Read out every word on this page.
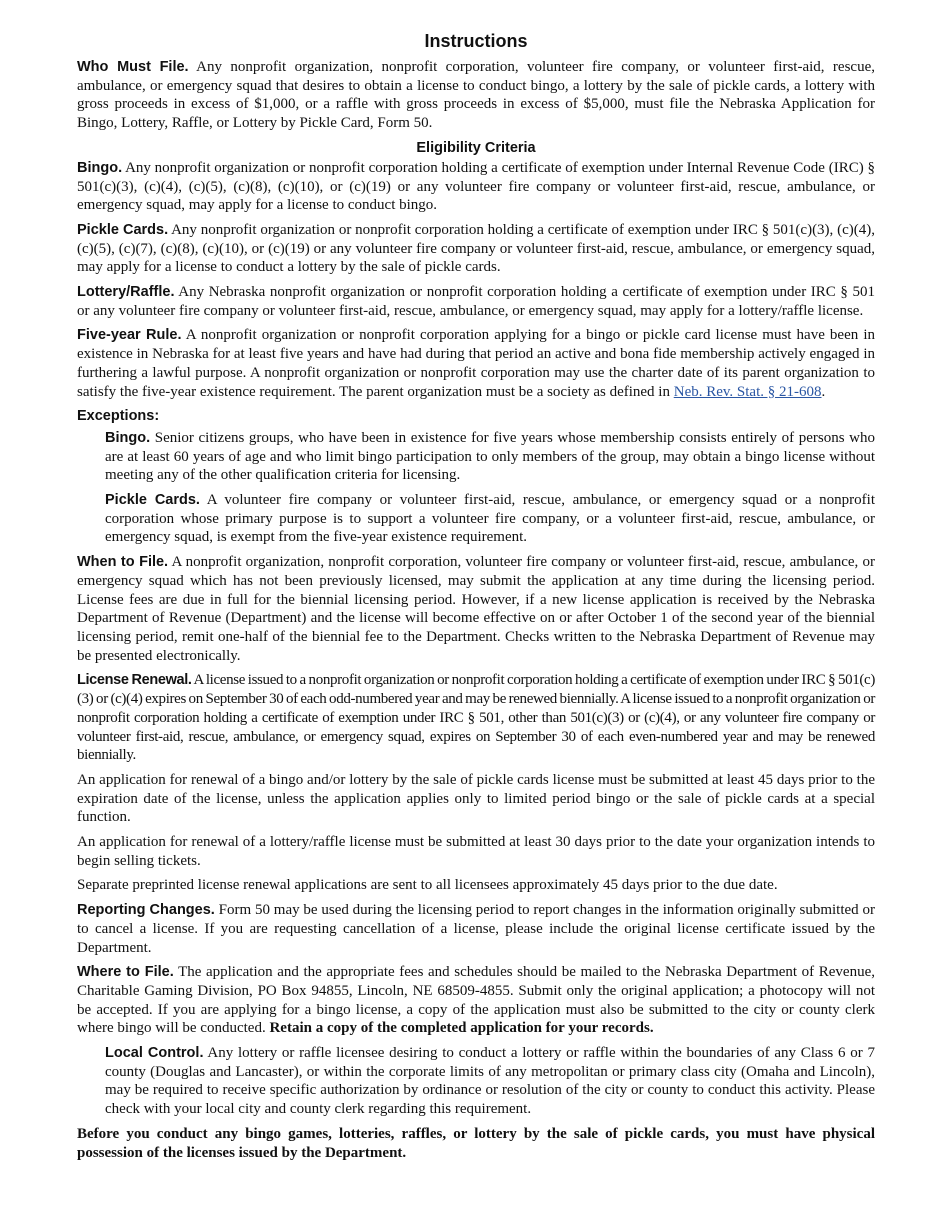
Instructions

Who Must File. Any nonprofit organization, nonprofit corporation, volunteer fire company, or volunteer first-aid, rescue, ambulance, or emergency squad that desires to obtain a license to conduct bingo, a lottery by the sale of pickle cards, a lottery with gross proceeds in excess of $1,000, or a raffle with gross proceeds in excess of $5,000, must file the Nebraska Application for Bingo, Lottery, Raffle, or Lottery by Pickle Card, Form 50.

Eligibility Criteria

Bingo. Any nonprofit organization or nonprofit corporation holding a certificate of exemption under Internal Revenue Code (IRC) § 501(c)(3), (c)(4), (c)(5), (c)(8), (c)(10), or (c)(19) or any volunteer fire company or volunteer first-aid, rescue, ambulance, or emergency squad, may apply for a license to conduct bingo.

Pickle Cards. Any nonprofit organization or nonprofit corporation holding a certificate of exemption under IRC § 501(c)(3), (c)(4), (c)(5), (c)(7), (c)(8), (c)(10), or (c)(19) or any volunteer fire company or volunteer first-aid, rescue, ambulance, or emergency squad, may apply for a license to conduct a lottery by the sale of pickle cards.

Lottery/Raffle. Any Nebraska nonprofit organization or nonprofit corporation holding a certificate of exemption under IRC § 501 or any volunteer fire company or volunteer first-aid, rescue, ambulance, or emergency squad, may apply for a lottery/raffle license.

Five-year Rule. A nonprofit organization or nonprofit corporation applying for a bingo or pickle card license must have been in existence in Nebraska for at least five years and have had during that period an active and bona fide membership actively engaged in furthering a lawful purpose. A nonprofit organization or nonprofit corporation may use the charter date of its parent organization to satisfy the five-year existence requirement. The parent organization must be a society as defined in Neb. Rev. Stat. § 21-608.

Exceptions:

Bingo. Senior citizens groups, who have been in existence for five years whose membership consists entirely of persons who are at least 60 years of age and who limit bingo participation to only members of the group, may obtain a bingo license without meeting any of the other qualification criteria for licensing.

Pickle Cards. A volunteer fire company or volunteer first-aid, rescue, ambulance, or emergency squad or a nonprofit corporation whose primary purpose is to support a volunteer fire company, or a volunteer first-aid, rescue, ambulance, or emergency squad, is exempt from the five-year existence requirement.

When to File. A nonprofit organization, nonprofit corporation, volunteer fire company or volunteer first-aid, rescue, ambulance, or emergency squad which has not been previously licensed, may submit the application at any time during the licensing period. License fees are due in full for the biennial licensing period. However, if a new license application is received by the Nebraska Department of Revenue (Department) and the license will become effective on or after October 1 of the second year of the biennial licensing period, remit one-half of the biennial fee to the Department. Checks written to the Nebraska Department of Revenue may be presented electronically.

License Renewal. A license issued to a nonprofit organization or nonprofit corporation holding a certificate of exemption under IRC § 501(c)(3) or (c)(4) expires on September 30 of each odd-numbered year and may be renewed biennially. A license issued to a nonprofit organization or nonprofit corporation holding a certificate of exemption under IRC § 501, other than 501(c)(3) or (c)(4), or any volunteer fire company or volunteer first-aid, rescue, ambulance, or emergency squad, expires on September 30 of each even-numbered year and may be renewed biennially.

An application for renewal of a bingo and/or lottery by the sale of pickle cards license must be submitted at least 45 days prior to the expiration date of the license, unless the application applies only to limited period bingo or the sale of pickle cards at a special function.

An application for renewal of a lottery/raffle license must be submitted at least 30 days prior to the date your organization intends to begin selling tickets.

Separate preprinted license renewal applications are sent to all licensees approximately 45 days prior to the due date.

Reporting Changes. Form 50 may be used during the licensing period to report changes in the information originally submitted or to cancel a license. If you are requesting cancellation of a license, please include the original license certificate issued by the Department.

Where to File. The application and the appropriate fees and schedules should be mailed to the Nebraska Department of Revenue, Charitable Gaming Division, PO Box 94855, Lincoln, NE 68509-4855. Submit only the original application; a photocopy will not be accepted. If you are applying for a bingo license, a copy of the application must also be submitted to the city or county clerk where bingo will be conducted. Retain a copy of the completed application for your records.

Local Control. Any lottery or raffle licensee desiring to conduct a lottery or raffle within the boundaries of any Class 6 or 7 county (Douglas and Lancaster), or within the corporate limits of any metropolitan or primary class city (Omaha and Lincoln), may be required to receive specific authorization by ordinance or resolution of the city or county to conduct this activity. Please check with your local city and county clerk regarding this requirement.

Before you conduct any bingo games, lotteries, raffles, or lottery by the sale of pickle cards, you must have physical possession of the licenses issued by the Department.
